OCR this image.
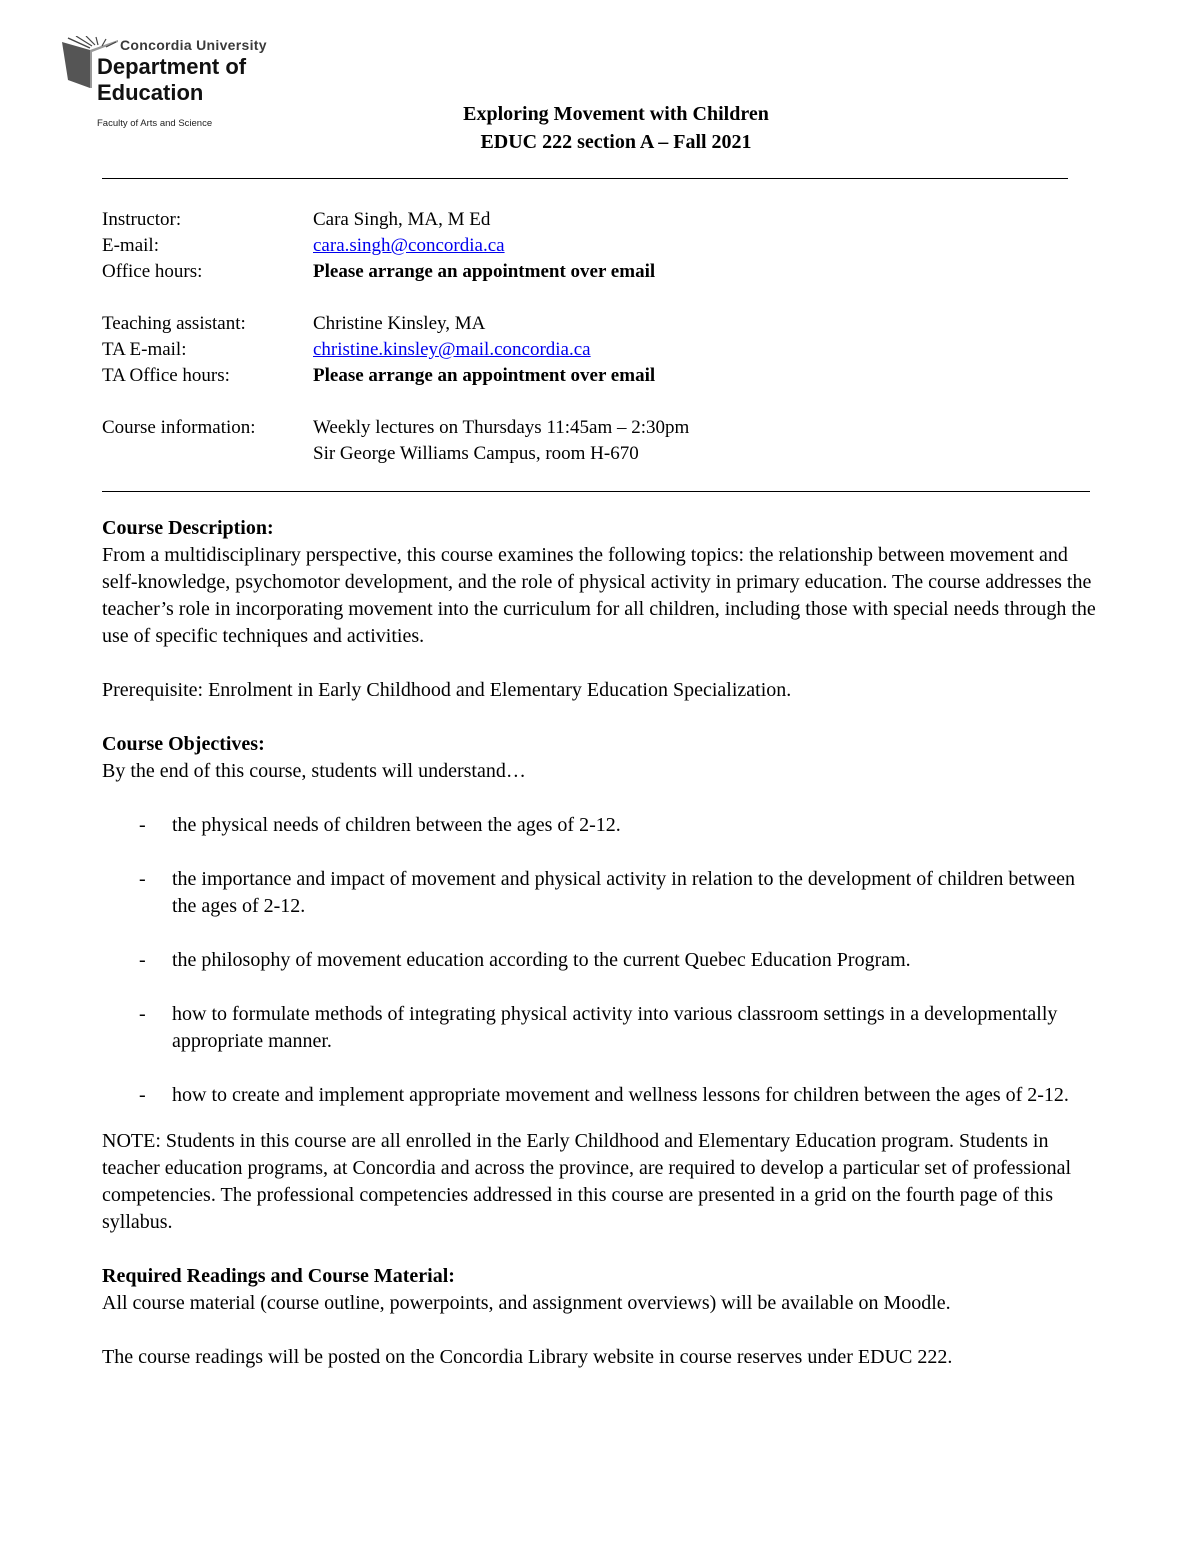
Concordia University
Department of Education
Faculty of Arts and Science	Exploring Movement with Children
EDUC 222 section A – Fall 2021
Instructor:	Cara Singh, MA, M Ed
E-mail:	cara.singh@concordia.ca
Office hours:	Please arrange an appointment over email
Teaching assistant:	Christine Kinsley, MA
TA E-mail:	christine.kinsley@mail.concordia.ca
TA Office hours:	Please arrange an appointment over email
Course information:	Weekly lectures on Thursdays 11:45am – 2:30pm
Sir George Williams Campus, room H-670

Course Description:

From a multidisciplinary perspective, this course examines the following topics: the relationship between movement and self-knowledge, psychomotor development, and the role of physical activity in primary education. The course addresses the teacher’s role in incorporating movement into the curriculum for all children, including those with special needs through the use of specific techniques and activities.

Prerequisite: Enrolment in Early Childhood and Elementary Education Specialization.

Course Objectives:

By the end of this course, students will understand…

- the physical needs of children between the ages of 2-12.

- the importance and impact of movement and physical activity in relation to the development of children between the ages of 2-12.

- the philosophy of movement education according to the current Quebec Education Program.

- how to formulate methods of integrating physical activity into various classroom settings in a developmentally appropriate manner.

- how to create and implement appropriate movement and wellness lessons for children between the ages of 2-12.

NOTE: Students in this course are all enrolled in the Early Childhood and Elementary Education program. Students in teacher education programs, at Concordia and across the province, are required to develop a particular set of professional competencies. The professional competencies addressed in this course are presented in a grid on the fourth page of this syllabus.

Required Readings and Course Material:

All course material (course outline, powerpoints, and assignment overviews) will be available on Moodle.

The course readings will be posted on the Concordia Library website in course reserves under EDUC 222.
